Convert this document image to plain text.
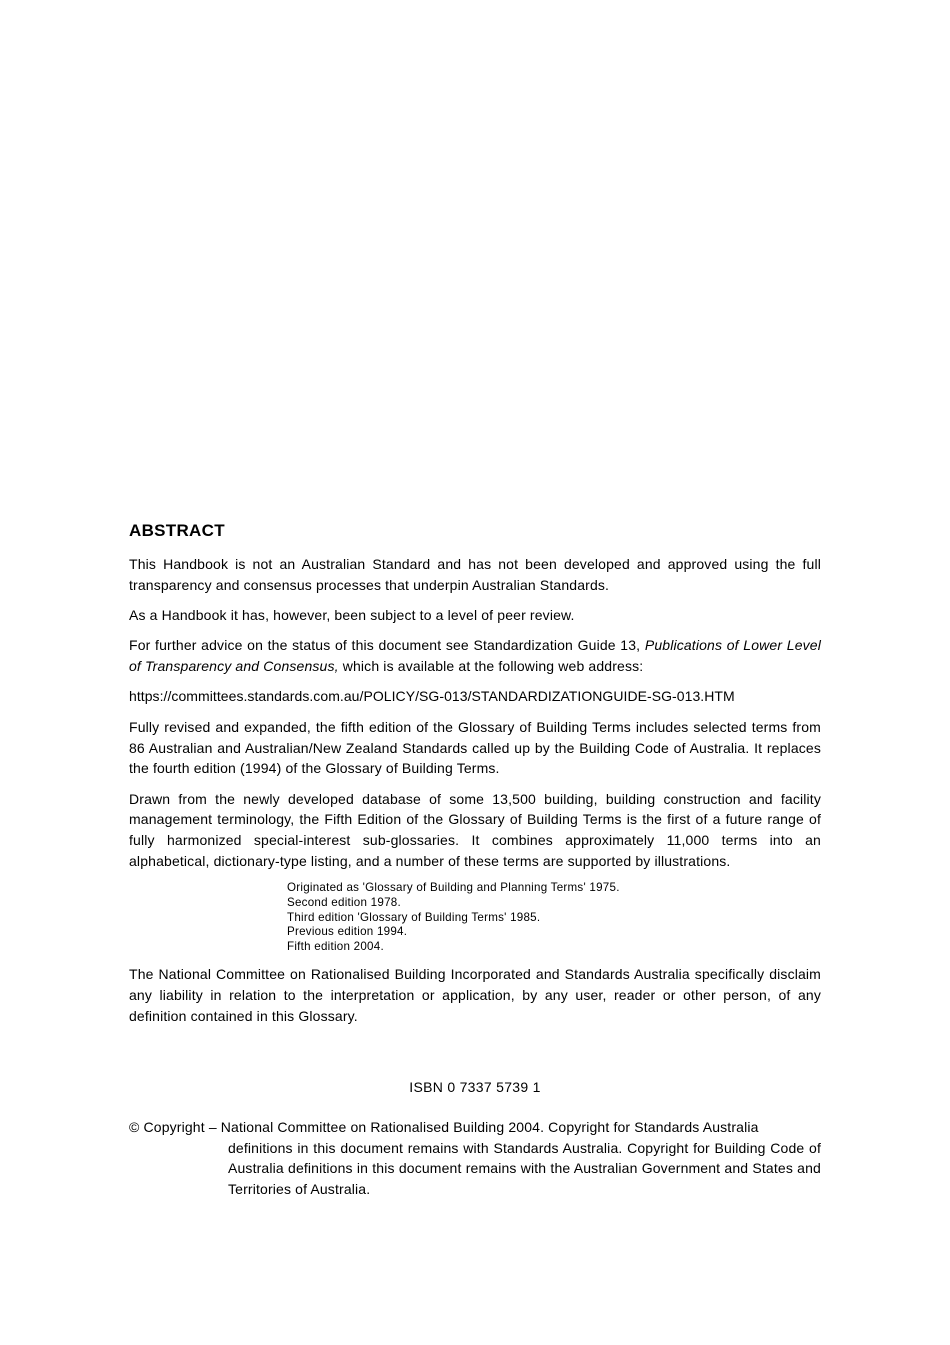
ABSTRACT

This Handbook is not an Australian Standard and has not been developed and approved using the full transparency and consensus processes that underpin Australian Standards.

As a Handbook it has, however, been subject to a level of peer review.

For further advice on the status of this document see Standardization Guide 13, Publications of Lower Level of Transparency and Consensus, which is available at the following web address:

https://committees.standards.com.au/POLICY/SG-013/STANDARDIZATIONGUIDE-SG-013.HTM

Fully revised and expanded, the fifth edition of the Glossary of Building Terms includes selected terms from 86 Australian and Australian/New Zealand Standards called up by the Building Code of Australia. It replaces the fourth edition (1994) of the Glossary of Building Terms.

Drawn from the newly developed database of some 13,500 building, building construction and facility management terminology, the Fifth Edition of the Glossary of Building Terms is the first of a future range of fully harmonized special-interest sub-glossaries. It combines approximately 11,000 terms into an alphabetical, dictionary-type listing, and a number of these terms are supported by illustrations.

Originated as 'Glossary of Building and Planning Terms' 1975.
Second edition 1978.
Third edition 'Glossary of Building Terms' 1985.
Previous edition 1994.
Fifth edition 2004.

The National Committee on Rationalised Building Incorporated and Standards Australia specifically disclaim any liability in relation to the interpretation or application, by any user, reader or other person, of any definition contained in this Glossary.

ISBN 0 7337 5739 1
© Copyright – National Committee on Rationalised Building 2004. Copyright for Standards Australia
definitions in this document remains with Standards Australia. Copyright for Building Code of Australia definitions in this document remains with the Australian Government and States and Territories of Australia.
